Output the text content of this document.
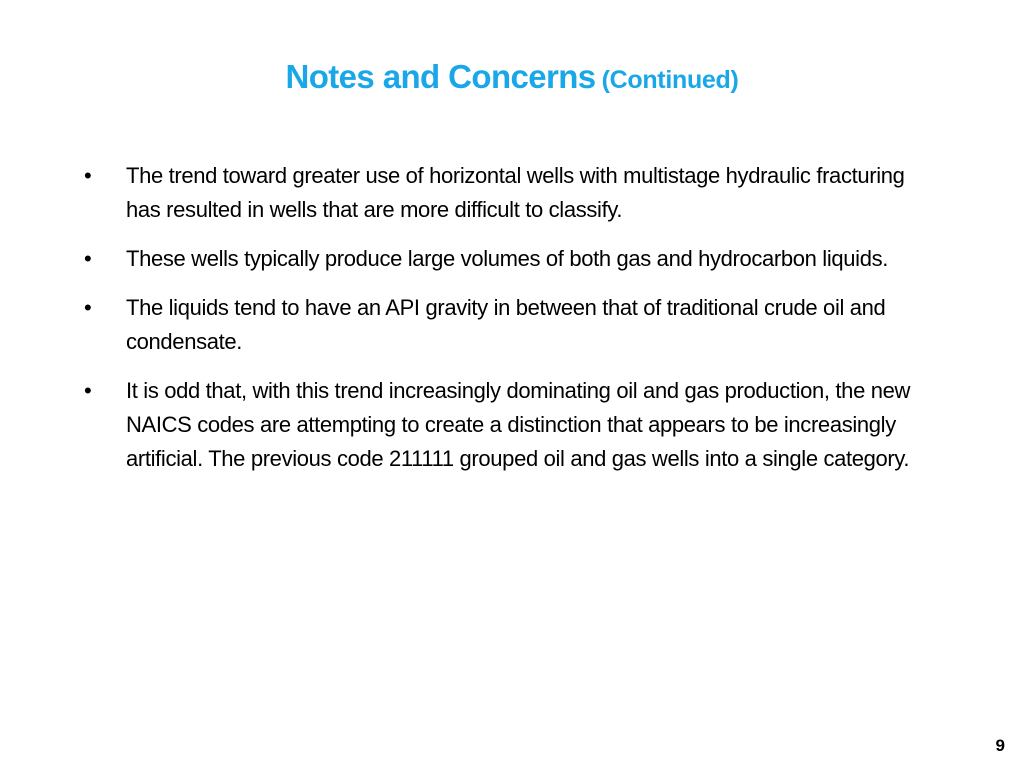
Notes and Concerns (Continued)
•	The trend toward greater use of horizontal wells with multistage hydraulic fracturing has resulted in wells that are more difficult to classify.
•	These wells typically produce large volumes of both gas and hydrocarbon liquids.
•	The liquids tend to have an API gravity in between that of traditional crude oil and condensate.
•	It is odd that, with this trend increasingly dominating oil and gas production, the new NAICS codes are attempting to create a distinction that appears to be increasingly artificial. The previous code 211111 grouped oil and gas wells into a single category.
9
